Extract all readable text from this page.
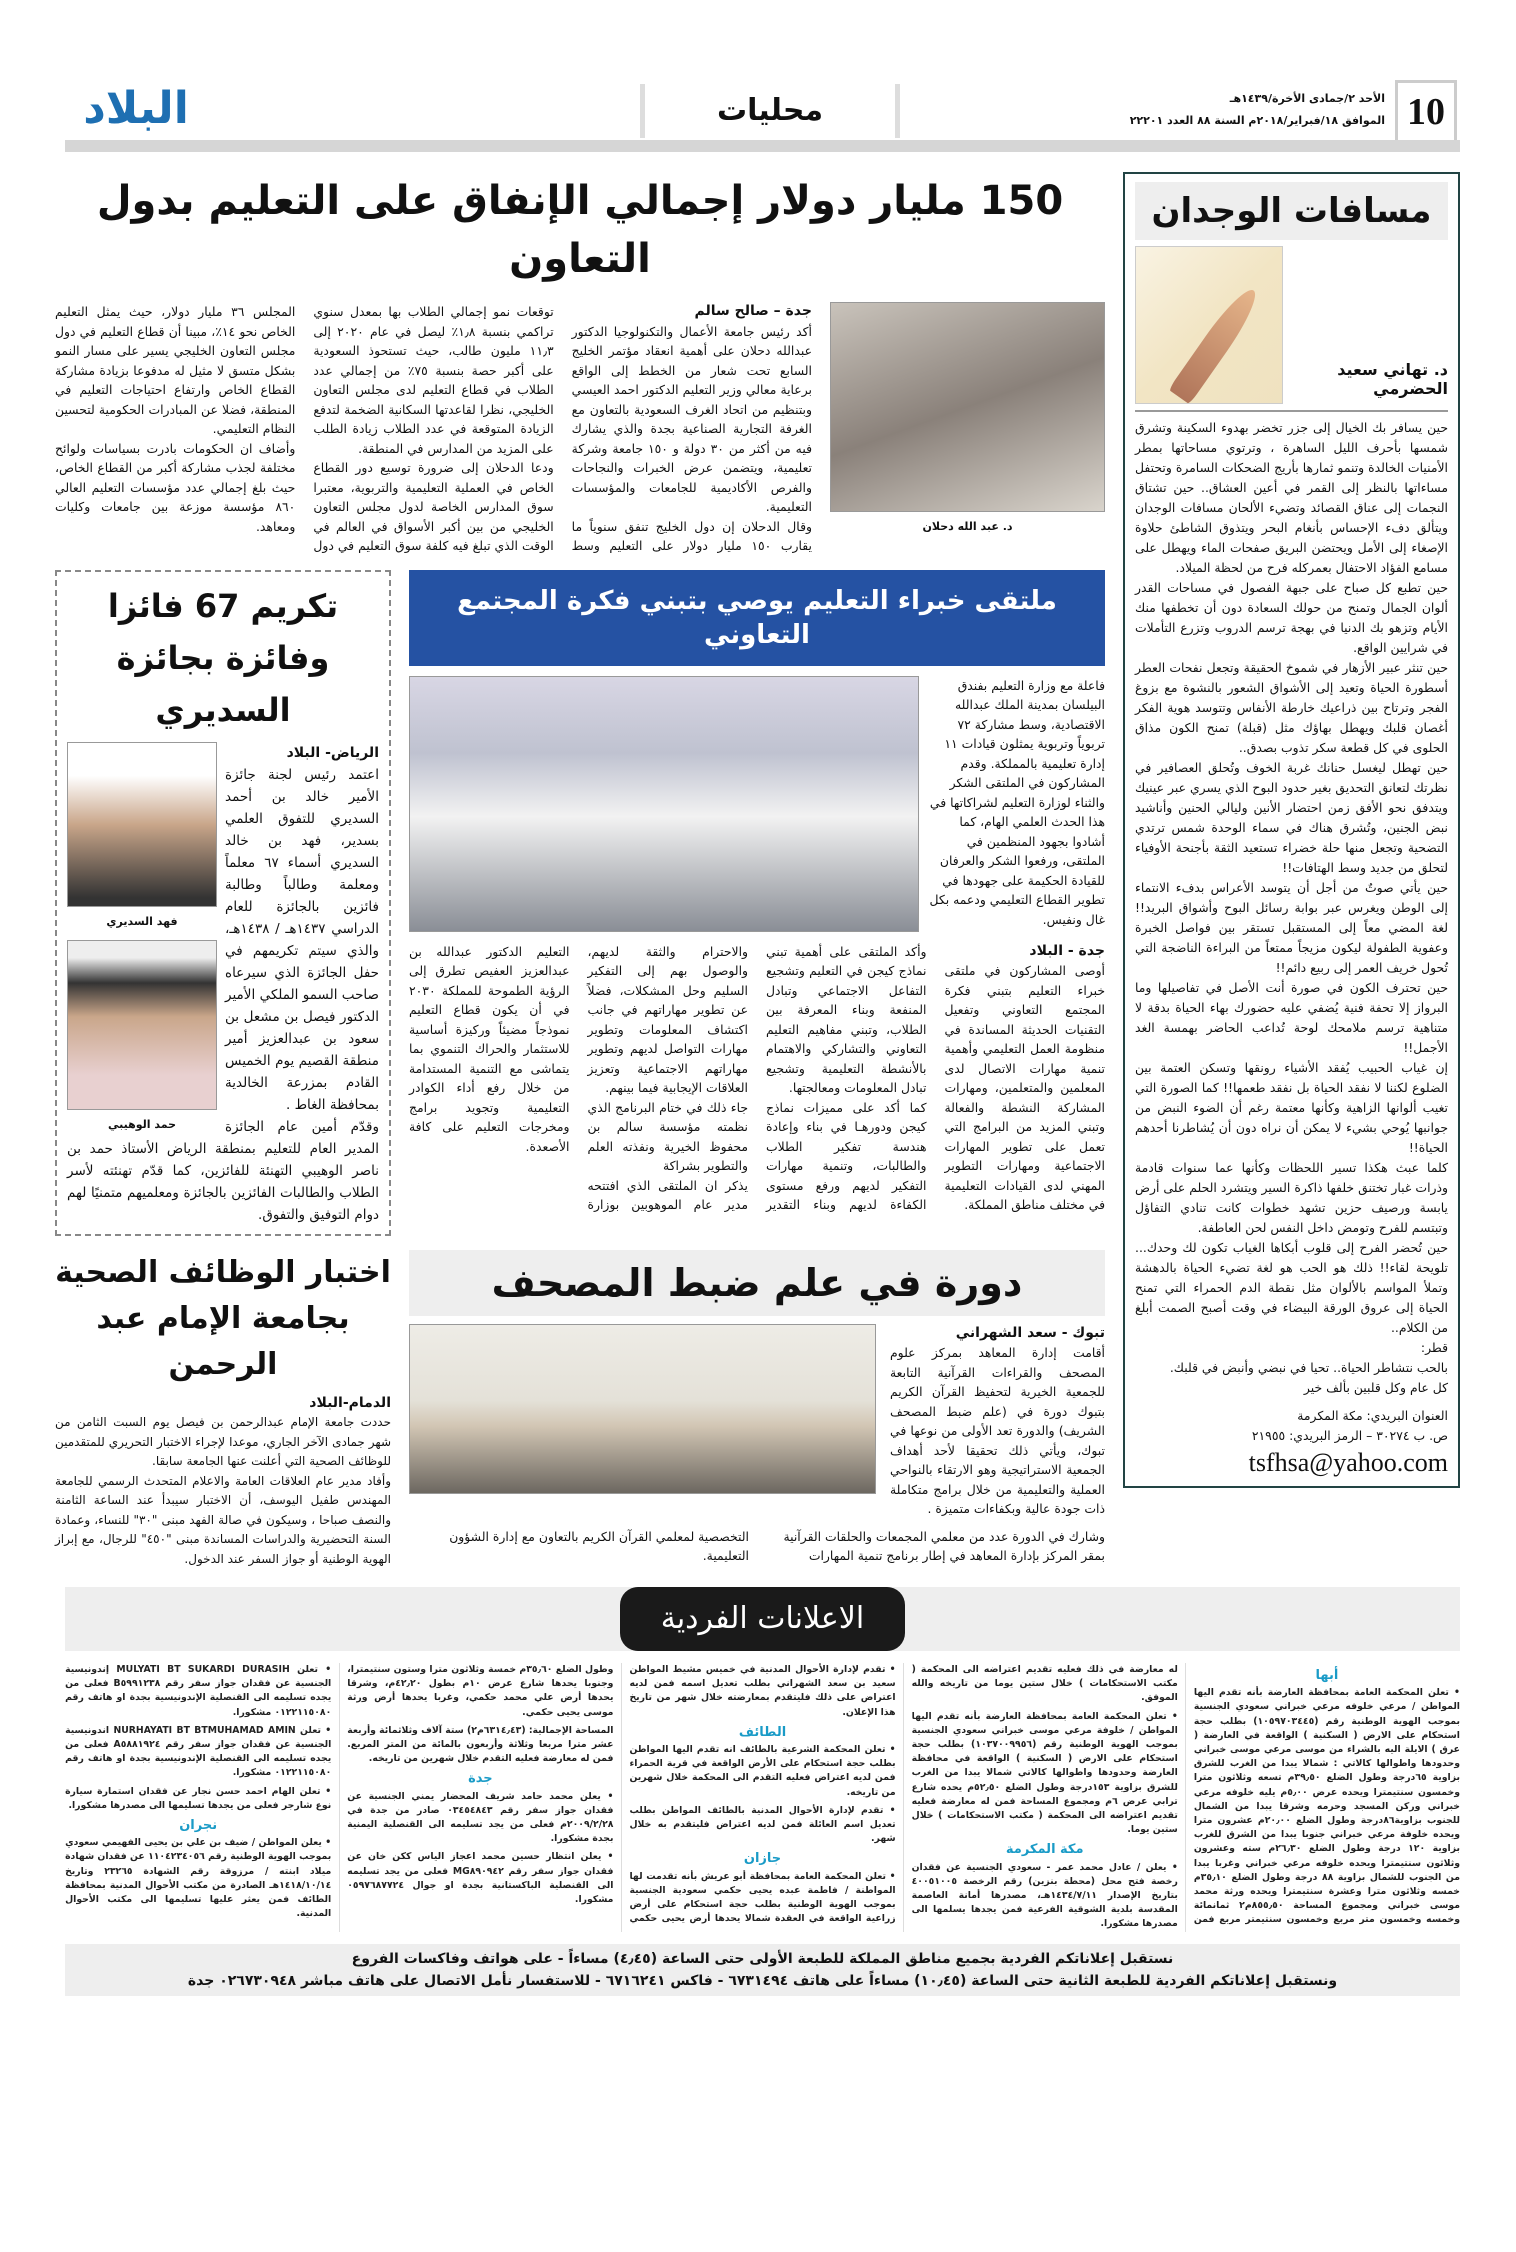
10
الأحد ٢/جمادى الأخرة/١٤٣٩هـ
الموافق ١٨/فبراير/٢٠١٨م السنة ٨٨ العدد ٢٢٢٠١
محليات
البلاد
مسافات الوجدان
د. تهاني سعيد الحضرمي

حين يسافر بك الخيال إلى جزر تخضر بهدوء السكينة وتشرق شمسها بأحرف الليل الساهرة ، وترتوي مساحاتها بمطر الأمنيات الخالدة وتنمو ثمارها بأريج الضحكات السامرة وتحتفل مساءاتها بالنظر إلى القمر في أعين العشاق.. حين تشتاق النجمات إلى عناق القصائد وتضيء الألحان مسافات الوجدان ويتألق دفء الإحساس بأنغام البحر ويتذوق الشاطئ حلاوة الإصغاء إلى الأمل ويحتضن البريق صفحات الماء ويهطل على مسامع الفؤاد الاحتفال بعمركله فرح من لحظة الميلاد.

حين تطبع كل صباح على جبهة الفصول في مساحات القدر ألوان الجمال وتمنح من حولك السعادة دون أن تخطفها منك الأيام وتزهو بك الدنيا في بهجة ترسم الدروب وتزرع التأملات في شرايين الواقع.

حين تنثر عبير الأزهار في شموخ الحقيقة وتجعل نفحات العطر أسطورة الحياة وتعيد إلى الأشواق الشعور بالنشوة مع بزوغ الفجر وترتاح بين ذراعيك خارطة الأنفاس وتتوسد هوية الفكر أغصان قلبك ويهطل بهاؤك مثل (قبلة) تمنح الكون مذاق الحلوى في كل قطعة سكر تذوب بصدق..

حين تهطل ليغسل حنانك غربة الخوف وتُحلق العصافير في نظرتك لتعانق التحديق بغير حدود البوح الذي يسري عبر عينيك ويتدفق نحو الأفق زمن احتضار الأنين وليالي الحنين وأناشيد نبض الجنين، وتُشرق هناك في سماء الوحدة شمس ترتدي التضحية وتجعل منها حلة خضراء تستعيد الثقة بأجنحة الأوفياء لتحلق من جديد وسط الهتافات!!

حين يأتي صوتٌ من أجل أن يتوسد الأعراس بدفء الانتماء إلى الوطن ويغرس عبر بوابة رسائل البوح وأشواق البريد!! لغة المضي معاً إلى المستقبل تستقر بين فواصل الخبرة وعفوية الطفولة ليكون مزيجاً ممتعاً من البراءة الناضجة التي تُحول خريف العمر إلى ربيع دائم!!

حين تحترف الكون في صورة أنت الأصل في تفاصيلها وما البرواز إلا تحفة فنية يُضفي عليه حضورك بهاء الحياة بدقة لا متناهية ترسم ملامحك لوحة تُداعب الحاضر بهمسة الغد الأجمل!!

إن غياب الحبيب يُفقد الأشياء رونقها وتسكن العتمة بين الضلوع لكننا لا نفقد الحياة بل نفقد طعمها!! كما الصورة التي تغيب ألوانها الزاهية وكأنها معتمة رغم أن الضوء النبض من جوانبها يُوحي بشيء لا يمكن أن نراه دون أن يُشاطرنا أحدهم الحياة!!

كلما عبث هكذا تسير اللحظات وكأنها عما سنوات قادمة وذرات غبار تختنق خلفها ذاكرة السير ويتشرد الحلم على أرض يابسة ورصيف حزين تشهد خطوات كانت تنادي التفاؤل وتبتسم للفرح وتومض داخل النفس لحن العاطفة.

حين تُحضر الفرح إلى قلوب أبكاها الغياب تكون لك وحدك... تلويحة لقاء!! ذلك هو الحب هو لغة تضيء الحياة بالدهشة وتملأ المواسم بالألوان مثل نقطة الدم الحمراء التي تمنح الحياة إلى عروق الورقة البيضاء في وقت أصبح الصمت أبلغ من الكلام..

قطر:

بالحب نتشاطر الحياة.. تحيا في نبضي وأنبض في قلبك.

كل عام وكل قلبين بألف خير

العنوان البريدي: مكة المكرمة

ص. ب ٣٠٢٧٤ – الرمز البريدي: ٢١٩٥٥

tsfhsa@yahoo.com
150 مليار دولار إجمالي الإنفاق على التعليم بدول التعاون
د. عبد الله دحلان
جدة – صالح سالم

أكد رئيس جامعة الأعمال والتكنولوجيا الدكتور عبدالله دحلان على أهمية انعقاد مؤتمر الخليج السابع تحت شعار من الخطط إلى الواقع برعاية معالي وزير التعليم الدكتور احمد العيسي وبتنظيم من اتحاد الغرف السعودية بالتعاون مع الغرفة التجارية الصناعية بجدة والذي يشارك فيه من أكثر من ٣٠ دولة و ١٥٠ جامعة وشركة تعليمية، ويتضمن عرض الخبرات والنجاحات والفرص الأكاديمية للجامعات والمؤسسات التعليمية.

وقال الدحلان إن دول الخليج تنفق سنوياً ما يقارب ١٥٠ مليار دولار على التعليم وسط توقعات نمو إجمالي الطلاب بها بمعدل سنوي تراكمي بنسبة ١٫٨٪ ليصل في عام ٢٠٢٠ إلى ١١٫٣ مليون طالب، حيث تستحوذ السعودية على أكبر حصة بنسبة ٧٥٪ من إجمالي عدد الطلاب في قطاع التعليم لدى مجلس التعاون الخليجي، نظرا لقاعدتها السكانية الضخمة لتدفع الزيادة المتوقعة في عدد الطلاب زيادة الطلب على المزيد من المدارس في المنطقة.

ودعا الدحلان إلى ضرورة توسيع دور القطاع الخاص في العملية التعليمية والتربوية، معتبرا سوق المدارس الخاصة لدول مجلس التعاون الخليجي من بين أكبر الأسواق في العالم في الوقت الذي تبلغ فيه كلفة سوق التعليم في دول المجلس ٣٦ مليار دولار، حيث يمثل التعليم الخاص نحو ١٤٪، مبينا أن قطاع التعليم في دول مجلس التعاون الخليجي يسير على مسار النمو بشكل متسق لا مثيل له مدفوعا بزيادة مشاركة القطاع الخاص وارتفاع احتياجات التعليم في المنطقة، فضلا عن المبادرات الحكومية لتحسين النظام التعليمي.

وأضاف ان الحكومات بادرت بسياسات ولوائح مختلفة لجذب مشاركة أكبر من القطاع الخاص، حيث بلغ إجمالي عدد مؤسسات التعليم العالي ٨٦٠ مؤسسة موزعة بين جامعات وكليات ومعاهد.

ملتقى خبراء التعليم يوصي بتبني فكرة المجتمع التعاوني
فاعلة مع وزارة التعليم بفندق البيلسان بمدينة الملك عبدالله الاقتصادية، وسط مشاركة ٧٢ تربوياً وتربوية يمثلون قيادات ١١ إدارة تعليمية بالمملكة. وقدم المشاركون في الملتقى الشكر والثناء لوزارة التعليم لشراكاتها في هذا الحدث العلمي الهام، كما أشادوا بجهود المنظمين في الملتقى، ورفعوا الشكر والعرفان للقيادة الحكيمة على جهودها في تطوير القطاع التعليمي ودعمه بكل غال ونفيس.
جدة - البلاد

أوصى المشاركون في ملتقى خبراء التعليم بتبني فكرة المجتمع التعاوني وتفعيل التقنيات الحديثة المساندة في منظومة العمل التعليمي وأهمية تنمية مهارات الاتصال لدى المعلمين والمتعلمين، ومهارات المشاركة النشطة والفعالة وتبني المزيد من البرامج التي تعمل على تطوير المهارات الاجتماعية ومهارات التطوير المهني لدى القيادات التعليمية في مختلف مناطق المملكة.

وأكد الملتقى على أهمية تبني نماذج كيجن في التعليم وتشجيع التفاعل الاجتماعي وتبادل المنفعة وبناء المعرفة بين الطلاب، وتبني مفاهيم التعليم التعاوني والتشاركي والاهتمام بالأنشطة التعليمية وتشجيع تبادل المعلومات ومعالجتها.

كما أكد على مميزات نماذج كيجن ودورهـا في بناء وإعادة هندسة تفكير الطلاب والطالبات، وتنمية مهارات التفكير لديهم ورفع مستوى الكفاءة لديهم وبناء التقدير والاحترام والثقة لديهم، والوصول بهم إلى التفكير السليم وحل المشكلات، فضلاً عن تطوير مهاراتهم في جانب اكتشاف المعلومات وتطوير مهارات التواصل لديهم وتطوير مهاراتهم الاجتماعية وتعزيز العلاقات الإيجابية فيما بينهم.

جاء ذلك في ختام البرنامج الذي نظمته مؤسسة سالم بن محفوظ الخيرية ونفذته العلم والتطوير بشراكة

يذكر ان الملتقى الذي افتتحه مدير عام الموهوبين بوزارة التعليم الدكتور عبدالله بن عبدالعزيز العفيص تطرق إلى الرؤية الطموحة للمملكة ٢٠٣٠ في أن يكون قطاع التعليم نموذجاً مضيئاً وركيزة أساسية للاستثمار والحراك التنموي بما يتماشى مع التنمية المستدامة من خلال رفع أداء الكوادر التعليمية وتجويد برامج ومخرجات التعليم على كافة الأصعدة.

تكريم 67 فائزا وفائزة بجائزة السديري
فهد السديري
حمد الوهيبي
الرياض- البلاد

اعتمد رئيس لجنة جائزة الأمير خالد بن أحمد السديري للتفوق العلمي بسدير، فهد بن خالد السديري أسماء ٦٧ معلماً ومعلمة وطالباً وطالبة فائزين بالجائزة للعام الدراسي ١٤٣٧هـ / ١٤٣٨هـ، والذي سيتم تكريمهم في حفل الجائزة الذي سيرعاه صاحب السمو الملكي الأمير الدكتور فيصل بن مشعل بن سعود بن عبدالعزيز أمير منطقة القصيم يوم الخميس القادم بمزرعة الخالدية بمحافظة الغاط .

وقدّم أمين عام الجائزة المدير العام للتعليم بمنطقة الرياض الأستاذ حمد بن ناصر الوهيبي التهنئة للفائزين، كما قدّم تهنئته لأسر الطلاب والطالبات الفائزين بالجائزة ومعلميهم متمنيًا لهم دوام التوفيق والتفوق.

دورة في علم ضبط المصحف
تبوك - سعد الشهراني

أقامت إدارة المعاهد بمركز علوم المصحف والقراءات القرآنية التابعة للجمعية الخيرية لتحفيظ القرآن الكريم بتبوك دورة في (علم ضبط المصحف الشريف) والدورة تعد الأولى من نوعها في تبوك، ويأتي ذلك تحقيقا لأحد أهداف الجمعية الاستراتيجية وهو الارتقاء بالنواحي العملية والتعليمية من خلال برامج متكاملة ذات جودة عالية وبكفاءات متميزة .

وشارك في الدورة عدد من معلمي المجمعات والحلقات القرآنية بمقر المركز بإدارة المعاهد في إطار برنامج تنمية المهارات التخصصية لمعلمي القرآن الكريم بالتعاون مع إدارة الشؤون التعليمية.
اختبار الوظائف الصحية بجامعة الإمام عبد الرحمن
الدمام-البلاد

حددت جامعة الإمام عبدالرحمن بن فيصل يوم السبت الثامن من شهر جمادى الآخر الجاري، موعدا لإجراء الاختبار التحريري للمتقدمين للوظائف الصحية التي أعلنت عنها الجامعة سابقا.

وأفاد مدير عام العلاقات العامة والاعلام المتحدث الرسمي للجامعة المهندس طفيل اليوسف، أن الاختبار سيبدأ عند الساعة الثامنة والنصف صباحا ، وسيكون في صالة الفهد مبنى "٣٠" للنساء، وعمادة السنة التحضيرية والدراسات المساندة مبنى "٤٥٠" للرجال، مع إبراز الهوية الوطنية أو جواز السفر عند الدخول.

الاعلانات الفردية
أبها

• تعلن المحكمة العامة بمحافظة العارضة بأنه تقدم اليها المواطن / مرعي خلوفه مرعي خبراني سعودي الجنسية بموجب الهوية الوطنية رقم (١٠٥٩٧٠٣٤٤٥) بطلب حجة استحكام على الارض ( السكنية ) الواقعة في العارضة ( عرق ) الايلة اليه بالشراء من موسى مرعي موسى خبراني وحدودها واطوالها كالاتي : شمالا يبدا من الغرب للشرق بزاوية ٦٥درجة وطول الضلع ٣٩٫٥٠م تسعه وثلاثون مترا وخمسون سنتيمترا ويحده عرض ٥٫٠٠م يليه خلوفه مرعي خبراني وركن المسجد وحرمه وشرقا يبدا من الشمال للجنوب بزاوية٨٦درجة وطول الضلع ٢٠٫٠٠م عشرون مترا ويحده خلوفة مرعي خبراني جنوبا يبدا من الشرق للغرب بزاوية ١٢٠ درجة وطول الضلع ٢٦٫٣٠م سته وعشرون وثلاثون سنتيمترا ويحده خلوفه مرعي خبراني وغربا يبدا من الجنوب للشمال بزاوية ٨٨ درجة وطول الضلع ٣٥٫١٠م خمسه وثلاثون مترا وعشرة سنتيمترا ويحده ورثة محمد موسى خبراني ومجموع المساحة ٨٥٥٫٥٠م٢ ثمانمائة وخمسه وخمسون متر مربع وخمسون سنتيمتر مربع فمن له معارضة في ذلك فعليه تقديم اعتراضه الى المحكمة ( مكتب الاستحكامات ) خلال ستين يوما من تاريخه والله الموفق.

• تعلن المحكمة العامة بمحافظة العارضة بأنه تقدم اليها المواطن / خلوفة مرعي موسى خبراني سعودي الجنسية بموجب الهوية الوطنية رقم (١٠٣٧٠٠٩٩٥٦) بطلب حجة استحكام على الارض ( السكنية ) الواقعة في محافظة العارضة وحدودها واطوالها كالاتي شمالا يبدا من الغرب للشرق بزاوية ١٥٣درجة وطول الضلع ٥٢٫٥٠م يحده شارع ترابي عرض ٦م ومجموع المساحة فمن له معارضة فعليه تقديم اعتراضه الى المحكمة ( مكتب الاستحكامات ) خلال ستين يوما.

مكة المكرمة

• يعلن / عادل محمد عمر - سعودي الجنسية عن فقدان رخصة فتح محل (محطة بنزين) رقم الرخصة ٤٠٠٥١٠٠٥ بتاريخ الإصدار ١٤٣٤/٧/١١هـ، مصدرها أمانة العاصمة المقدسة بلدية الشوقية الفرعية فمن يجدها يسلمها الى مصدرها مشكورا.

• تقدم لإدارة الأحوال المدنية في خميس مشيط المواطن سعيد بن سعد الشهراني بطلب تعديل اسمه فمن لديه اعتراض على ذلك فليتقدم بمعارضته خلال شهر من تاريخ هذا الإعلان.

الطائف

• تعلن المحكمة الشرعية بالطائف انه تقدم اليها المواطن بطلب حجة استحكام على الأرض الواقعة في قرية الحمراء فمن لديه اعتراض فعليه التقدم الى المحكمة خلال شهرين من تاريخه.

• تقدم لإدارة الأحوال المدنية بالطائف المواطن بطلب تعديل اسم العائلة فمن لديه اعتراض فليتقدم به خلال شهر.

جازان

• تعلن المحكمة العامة بمحافظة أبو عريش بأنه تقدمت لها المواطنة / فاطمة عبده يحيى حكمي سعودية الجنسية بموجب الهوية الوطنية بطلب حجة استحكام على أرض زراعية الواقعة في العقدة شمالا يحدها أرض يحيى حكمي وطول الضلع ٣٥٫٦٠م خمسة وثلاثون مترا وستون سنتيمترا، وجنوبا يحدها شارع عرض ١٠م بطول ٤٢٫٢٠م، وشرقا يحدها أرض علي محمد حكمي، وغربا يحدها أرض ورثة موسى يحيى حكمي.

المساحة الإجمالية: (٦٣١٤٫٤٣م٢) ستة آلاف وثلاثمائة وأربعة عشر مترا مربعا وثلاثة وأربعون بالمائة من المتر المربع. فمن له معارضة فعليه التقدم خلال شهرين من تاريخه.

جدة

• يعلن محمد حامد شريف المحضار يمني الجنسية عن فقدان جواز سفر رقم ٠٣٤٥٤٨٤٣ صادر من جدة في ٢٠٠٩/٢/٢٨م فعلى من يجد تسليمه الى القنصلية اليمنية بجدة مشكورا.

• يعلن انتظار حسين محمد اعجاز الياس ككن خان عن فقدان جواز سفر رقم MG٨٩٠٩٤٢ فعلى من يجد تسليمه الى القنصلية الباكستانية بجدة او جوال ٠٥٩٧٦٨٧٧٢٤ مشكورا.

• تعلن MULYATI BT SUKARDI DURASIH إندونيسية الجنسية عن فقدان جواز سفر رقم B٥٩٩١٢٣٨ فعلى من يجده تسليمه الى القنصلية الإندونيسية بجدة او هاتف رقم ٠١٢٢١١٥٠٨٠ مشكورا.

• تعلن NURHAYATI BT BTMUHAMAD AMIN اندونيسية الجنسية عن فقدان جواز سفر رقم A٥٨٨١٩٢٤ فعلى من يجده تسليمه الى القنصلية الإندونيسية بجدة او هاتف رقم ٠١٢٢١١٥٠٨٠ مشكورا.

• تعلن الهام احمد حسن نجار عن فقدان استمارة سيارة نوع شارجر فعلى من يجدها تسليمها الى مصدرها مشكورا.

نجران

• يعلن المواطن / ضيف بن علي بن يحيى الفهيمي سعودي بموجب الهوية الوطنية رقم ١١٠٤٢٣٤٠٥٦ عن فقدان شهادة ميلاد ابنته / مرزوقة رقم الشهادة ٢٣٢٦٥ وتاريخ ١٤١٨/١٠/١٤هـ الصادرة من مكتب الأحوال المدنية بمحافظة الطائف فمن يعثر عليها تسليمها الى مكتب الأحوال المدنية.

نستقبل إعلاناتكم الفردية بجميع مناطق المملكة للطبعة الأولى حتى الساعة (٤٫٤٥) مساءاً - على هواتف وفاكسات الفروع
ونستقبل إعلاناتكم الفردية للطبعة الثانية حتى الساعة (١٠٫٤٥) مساءاً على هاتف ٦٧٣١٤٩٤ - فاكس ٦٧١٦٢٤١ - للاستفسار نأمل الاتصال على هاتف مباشر ٠٢٦٧٣٠٩٤٨ جدة
